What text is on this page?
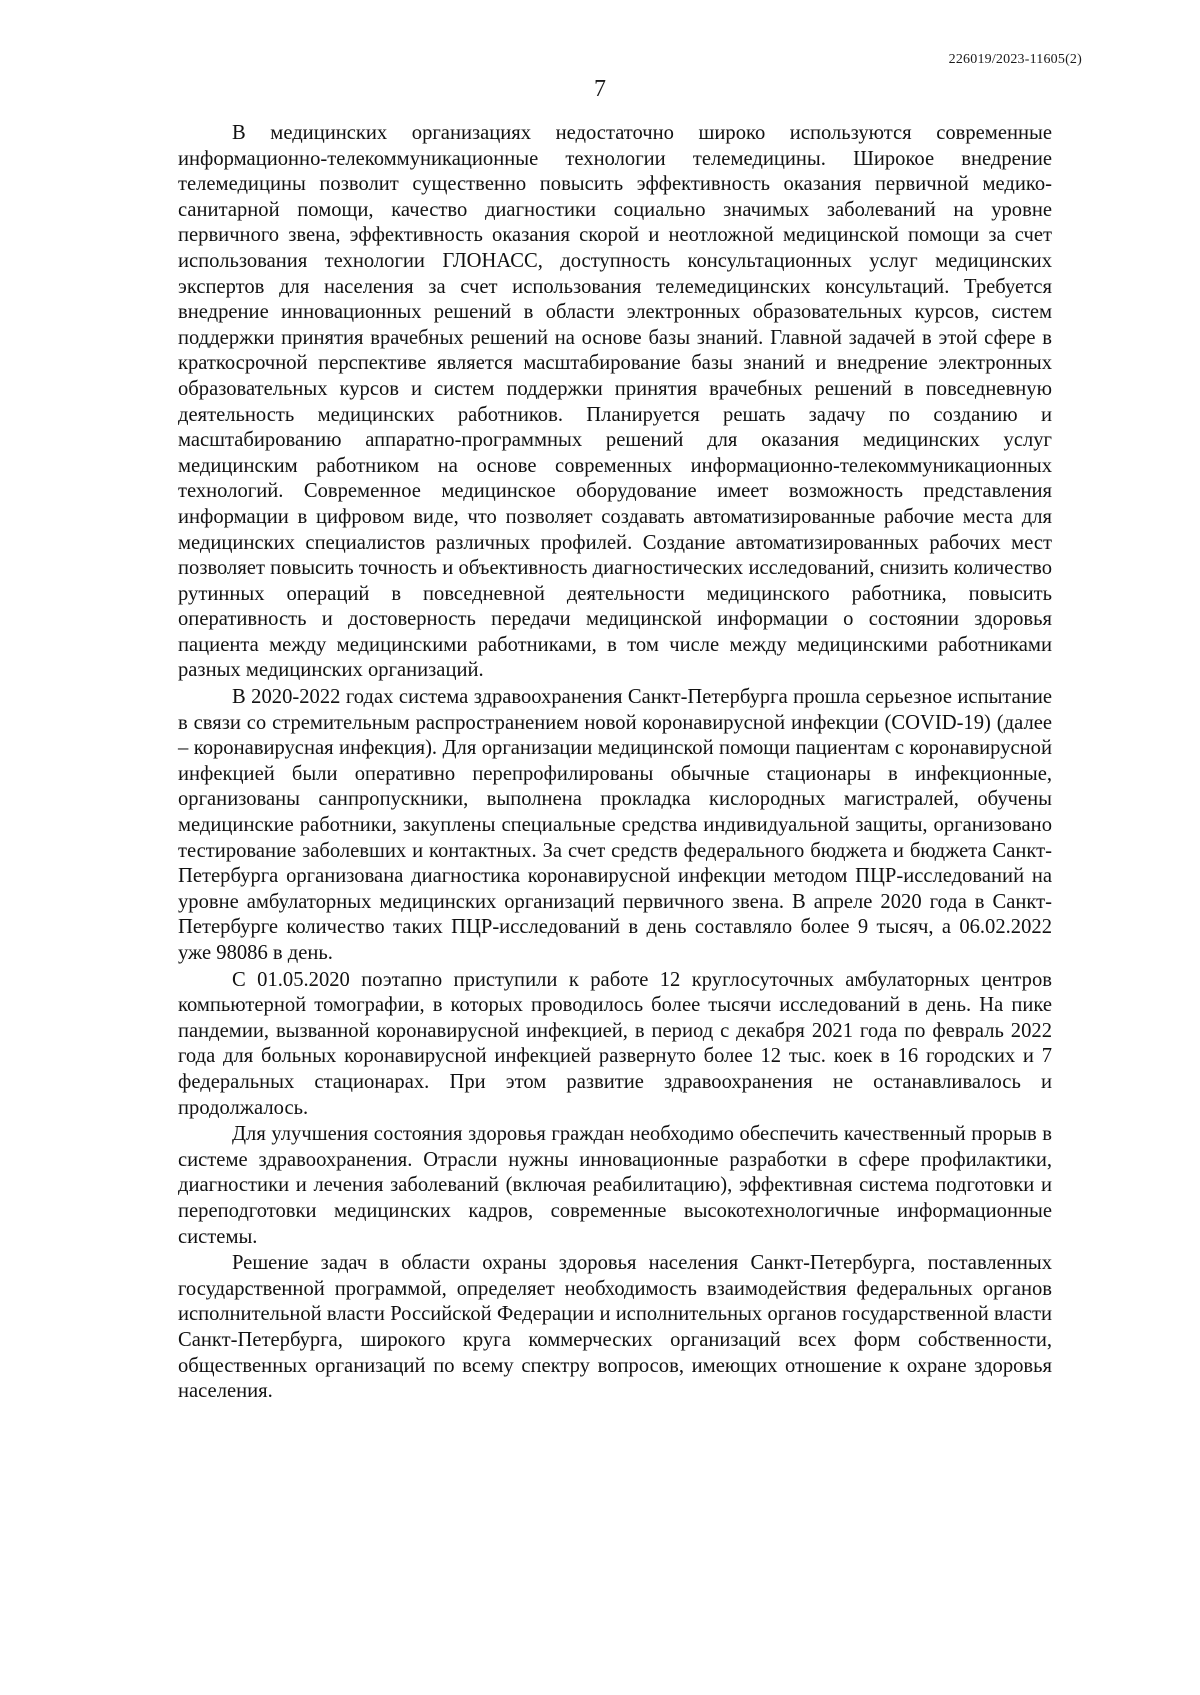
226019/2023-11605(2)
7

В медицинских организациях недостаточно широко используются современные информационно-телекоммуникационные технологии телемедицины. Широкое внедрение телемедицины позволит существенно повысить эффективность оказания первичной медико-санитарной помощи, качество диагностики социально значимых заболеваний на уровне первичного звена, эффективность оказания скорой и неотложной медицинской помощи за счет использования технологии ГЛОНАСС, доступность консультационных услуг медицинских экспертов для населения за счет использования телемедицинских консультаций. Требуется внедрение инновационных решений в области электронных образовательных курсов, систем поддержки принятия врачебных решений на основе базы знаний. Главной задачей в этой сфере в краткосрочной перспективе является масштабирование базы знаний и внедрение электронных образовательных курсов и систем поддержки принятия врачебных решений в повседневную деятельность медицинских работников. Планируется решать задачу по созданию и масштабированию аппаратно-программных решений для оказания медицинских услуг медицинским работником на основе современных информационно-телекоммуникационных технологий. Современное медицинское оборудование имеет возможность представления информации в цифровом виде, что позволяет создавать автоматизированные рабочие места для медицинских специалистов различных профилей. Создание автоматизированных рабочих мест позволяет повысить точность и объективность диагностических исследований, снизить количество рутинных операций в повседневной деятельности медицинского работника, повысить оперативность и достоверность передачи медицинской информации о состоянии здоровья пациента между медицинскими работниками, в том числе между медицинскими работниками разных медицинских организаций.

В 2020-2022 годах система здравоохранения Санкт-Петербурга прошла серьезное испытание в связи со стремительным распространением новой коронавирусной инфекции (COVID-19) (далее – коронавирусная инфекция). Для организации медицинской помощи пациентам с коронавирусной инфекцией были оперативно перепрофилированы обычные стационары в инфекционные, организованы санпропускники, выполнена прокладка кислородных магистралей, обучены медицинские работники, закуплены специальные средства индивидуальной защиты, организовано тестирование заболевших и контактных. За счет средств федерального бюджета и бюджета Санкт-Петербурга организована диагностика коронавирусной инфекции методом ПЦР-исследований на уровне амбулаторных медицинских организаций первичного звена. В апреле 2020 года в Санкт-Петербурге количество таких ПЦР-исследований в день составляло более 9 тысяч, а 06.02.2022 уже 98086 в день.

С 01.05.2020 поэтапно приступили к работе 12 круглосуточных амбулаторных центров компьютерной томографии, в которых проводилось более тысячи исследований в день. На пике пандемии, вызванной коронавирусной инфекцией, в период с декабря 2021 года по февраль 2022 года для больных коронавирусной инфекцией развернуто более 12 тыс. коек в 16 городских и 7 федеральных стационарах. При этом развитие здравоохранения не останавливалось и продолжалось.

Для улучшения состояния здоровья граждан необходимо обеспечить качественный прорыв в системе здравоохранения. Отрасли нужны инновационные разработки в сфере профилактики, диагностики и лечения заболеваний (включая реабилитацию), эффективная система подготовки и переподготовки медицинских кадров, современные высокотехнологичные информационные системы.

Решение задач в области охраны здоровья населения Санкт-Петербурга, поставленных государственной программой, определяет необходимость взаимодействия федеральных органов исполнительной власти Российской Федерации и исполнительных органов государственной власти Санкт-Петербурга, широкого круга коммерческих организаций всех форм собственности, общественных организаций по всему спектру вопросов, имеющих отношение к охране здоровья населения.
